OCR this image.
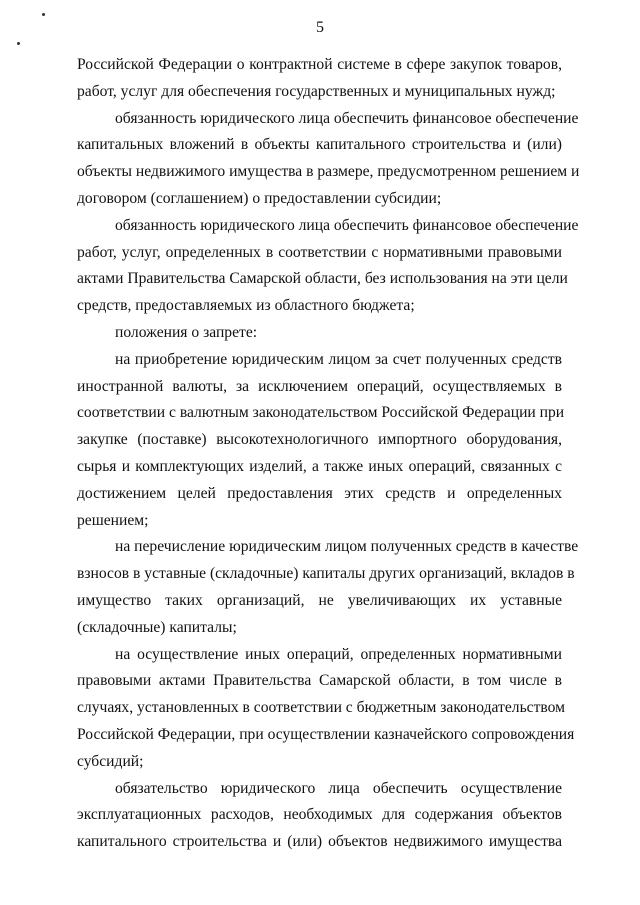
5
Российской Федерации о контрактной системе в сфере закупок товаров,
работ, услуг для обеспечения государственных и муниципальных нужд;
обязанность юридического лица обеспечить финансовое обеспечение
капитальных вложений в объекты капитального строительства и (или)
объекты недвижимого имущества в размере, предусмотренном решением и
договором (соглашением) о предоставлении субсидии;
обязанность юридического лица обеспечить финансовое обеспечение
работ, услуг, определенных в соответствии с нормативными правовыми
актами Правительства Самарской области, без использования на эти цели
средств, предоставляемых из областного бюджета;
положения о запрете:
на приобретение юридическим лицом за счет полученных средств
иностранной валюты, за исключением операций, осуществляемых в
соответствии с валютным законодательством Российской Федерации при
закупке (поставке) высокотехнологичного импортного оборудования,
сырья и комплектующих изделий, а также иных операций, связанных с
достижением целей предоставления этих средств и определенных
решением;
на перечисление юридическим лицом полученных средств в качестве
взносов в уставные (складочные) капиталы других организаций, вкладов в
имущество таких организаций, не увеличивающих их уставные
(складочные) капиталы;
на осуществление иных операций, определенных нормативными
правовыми актами Правительства Самарской области, в том числе в
случаях, установленных в соответствии с бюджетным законодательством
Российской Федерации, при осуществлении казначейского сопровождения
субсидий;
обязательство юридического лица обеспечить осуществление
эксплуатационных расходов, необходимых для содержания объектов
капитального строительства и (или) объектов недвижимого имущества
